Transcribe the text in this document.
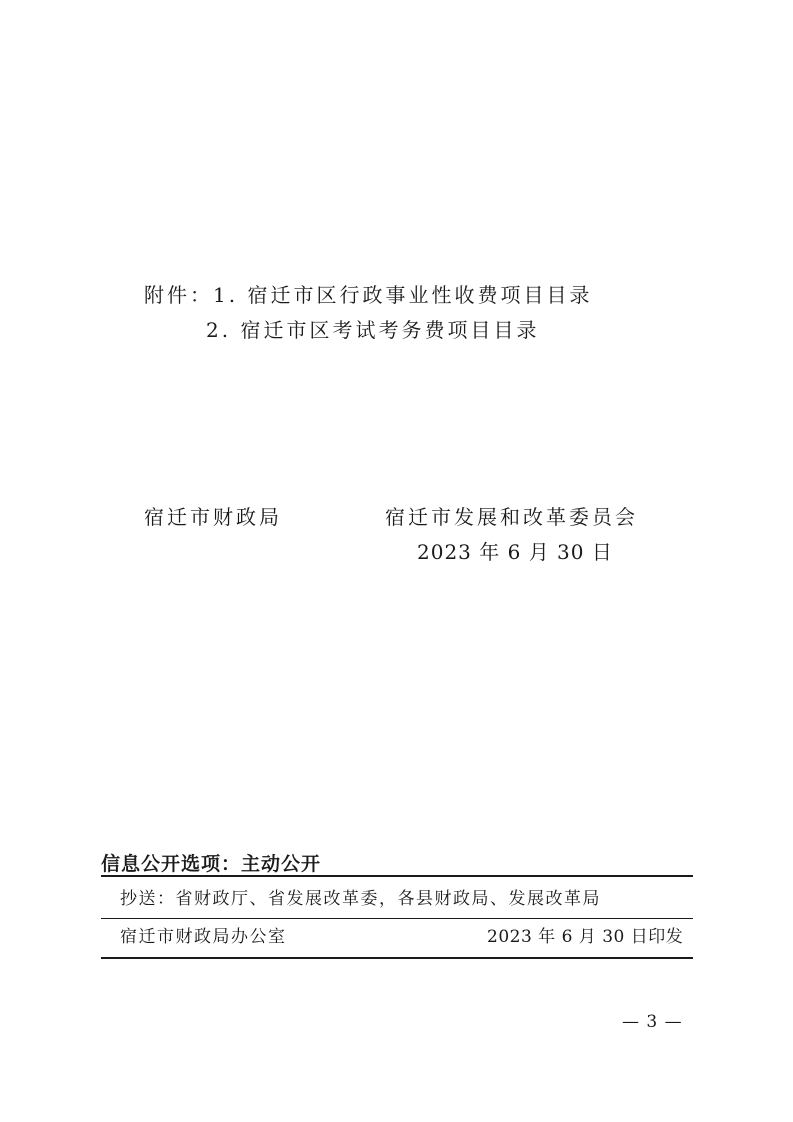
附件：1. 宿迁市区行政事业性收费项目目录
2. 宿迁市区考试考务费项目目录
宿迁市财政局	宿迁市发展和改革委员会
2023 年 6 月 30 日
信息公开选项：主动公开
抄送：省财政厅、省发展改革委，各县财政局、发展改革局
宿迁市财政局办公室	2023 年 6 月 30 日印发
— 3 —
